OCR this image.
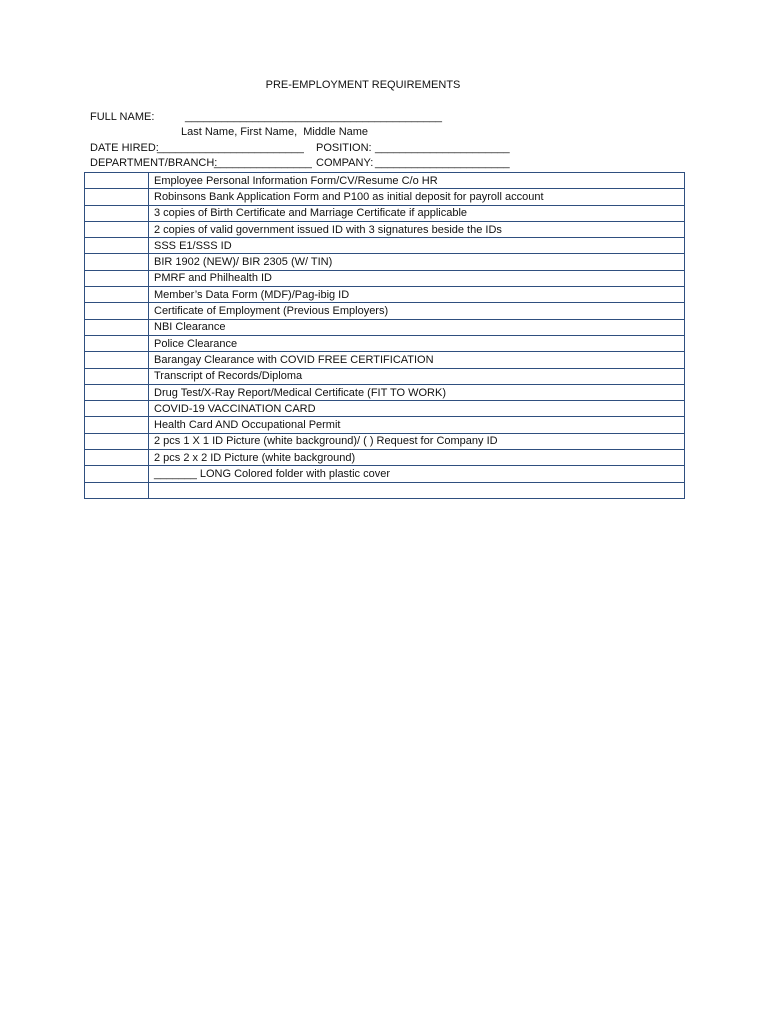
PRE-EMPLOYMENT REQUIREMENTS
FULL NAME:	__________________________________________
Last Name, First Name,  Middle Name
DATE HIRED:
________________________ POSITION: ______________________
DEPARTMENT/BRANCH:
________________ COMPANY: ______________________
	Employee Personal Information Form/CV/Resume C/o HR
	Robinsons Bank Application Form and P100 as initial deposit for payroll account
	3 copies of Birth Certificate and Marriage Certificate if applicable
	2 copies of valid government issued ID with 3 signatures beside the IDs
	SSS E1/SSS ID
	BIR 1902 (NEW)/ BIR 2305 (W/ TIN)
	PMRF and Philhealth ID
	Member’s Data Form (MDF)/Pag-ibig ID
	Certificate of Employment (Previous Employers)
	NBI Clearance
	Police Clearance
	Barangay Clearance with COVID FREE CERTIFICATION
	Transcript of Records/Diploma
	Drug Test/X-Ray Report/Medical Certificate (FIT TO WORK)
	COVID-19 VACCINATION CARD
	Health Card AND Occupational Permit
	2 pcs 1 X 1 ID Picture (white background)/ ( ) Request for Company ID
	2 pcs 2 x 2 ID Picture (white background)
	_______ LONG Colored folder with plastic cover
